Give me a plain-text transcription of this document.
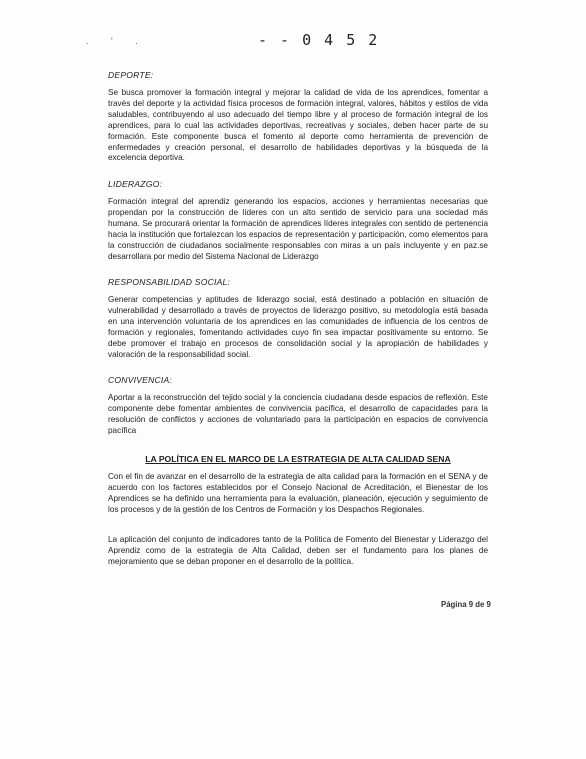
. ' .	- - 0 4 5 2

DEPORTE:

Se busca promover la formación integral y mejorar la calidad de vida de los aprendices, fomentar a través del deporte y la actividad física procesos de formación integral, valores, hábitos y estilos de vida saludables, contribuyendo al uso adecuado del tiempo libre y al proceso de formación integral de los aprendices, para lo cual las actividades deportivas, recreativas y sociales, deben hacer parte de su formación. Este componente busca el fomento al deporte como herramienta de prevención de enfermedades y creación personal, el desarrollo de habilidades deportivas y la búsqueda de la excelencia deportiva.

LIDERAZGO:

Formación integral del aprendiz generando los espacios, acciones y herramientas necesarias que propendan por la construcción de líderes con un alto sentido de servicio para una sociedad más humana. Se procurará orientar la formación de aprendices líderes integrales con sentido de pertenencia hacia la institución que fortalezcan los espacios de representación y participación, como elementos para la construcción de ciudadanos socialmente responsables con miras a un país incluyente y en paz.se desarrollara por medio del Sistema Nacional de Liderazgo

RESPONSABILIDAD SOCIAL:

Generar competencias y aptitudes de liderazgo social, está destinado a población en situación de vulnerabilidad y desarrollado a través de proyectos de liderazgo positivo, su metodología está basada en una intervención voluntaria de los aprendices en las comunidades de influencia de los centros de formación y regionales, fomentando actividades cuyo fin sea impactar positivamente su entorno. Se debe promover el trabajo en procesos de consolidación social y la apropiación de habilidades y valoración de la responsabilidad social.

CONVIVENCIA:

Aportar a la reconstrucción del tejido social y la conciencia ciudadana desde espacios de reflexión. Este componente debe fomentar ambientes de convivencia pacífica, el desarrollo de capacidades para la resolución de conflictos y acciones de voluntariado para la participación en espacios de convivencia pacífica

LA POLÍTICA EN EL MARCO DE LA ESTRATEGIA DE ALTA CALIDAD SENA

Con el fin de avanzar en el desarrollo de la estrategia de alta calidad para la formación en el SENA y de acuerdo con los factores establecidos por el Consejo Nacional de Acreditación, el Bienestar de los Aprendices se ha definido una herramienta para la evaluación, planeación, ejecución y seguimiento de los procesos y de la gestión de los Centros de Formación y los Despachos Regionales.

La aplicación del conjunto de indicadores tanto de la Política de Fomento del Bienestar y Liderazgo del Aprendiz como de la estrategia de Alta Calidad, deben ser el fundamento para los planes de mejoramiento que se deban proponer en el desarrollo de la política.

Página 9 de 9
